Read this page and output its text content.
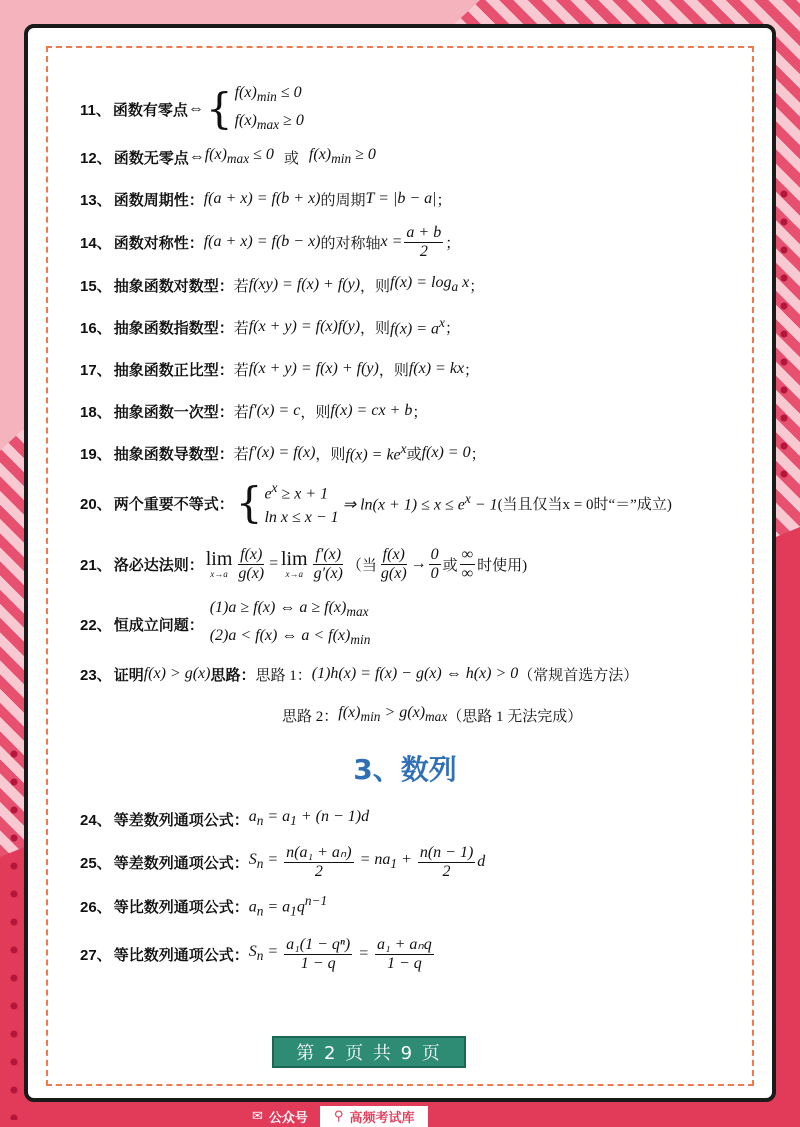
11、 函数有零点 ⇔ { $f(x)_{min} \le 0$
$f(x)_{max} \ge 0$
12、 函数无零点 ⇔ $f(x)_{max} \le 0$ 或 $f(x)_{min} \ge 0$
13、 函数周期性： f(a + x) = f(b + x) 的周期 T = |b − a| ；
14、 函数对称性： f(a + x) = f(b − x) 的对称轴 $x = \frac{a + b}{2}$ ；
15、 抽象函数对数型： 若 f(xy) = f(x) + f(y) ，则 $f(x) = \log_a x$ ；
16、 抽象函数指数型： 若 f(x + y) = f(x)f(y) ，则 $f(x) = a^x$ ；
17、 抽象函数正比型： 若 f(x + y) = f(x) + f(y) ，则 f(x) = kx ；
18、 抽象函数一次型： 若 f′(x) = c ，则 f(x) = cx + b ；
19、 抽象函数导数型： 若 f′(x) = f(x) ，则 $f(x) = ke^x$ 或 f(x) = 0 ；
20、 两个重要不等式： { $e^x \ge x + 1$
ln x ≤ x − 1
⇒ $\ln(x + 1) \le x \le e^x - 1$ (当且仅当x = 0时“＝”成立)
21、 洛必达法则： lim
$x\to a \frac{f(x)}{g(x)} = \lim$
$x\to a \frac{f'(x)}{g'(x)}$ （当 $\frac{f(x)}{g(x)} \to \frac{0}{0}$ 或 $\frac{\infty}{\infty}$ 时使用)
22、 恒成立问题：
(1)a ≥ f(x) ⇔ $a \ge f(x)_{max}$
(2)a < f(x) ⇔ $a < f(x)_{min}$
23、 证明 f(x) > g(x) 思路： 思路 1： (1)h(x) = f(x) − g(x) ⇔ h(x) > 0 （常规首选方法）
思路 2： $f(x)_{min} > g(x)_{max}$ （思路 1 无法完成）
3、数列
24、 等差数列通项公式： $a_n = a_1 + (n - 1)d$
25、 等差数列通项公式： $S_n = \frac{\text{n(a₁ + aₙ)}}{2} = na_1 + \frac{n(n - 1)}{2}$ d
26、 等比数列通项公式： $a_n = a_1q^{n-1}$
27、 等比数列通项公式： $S_n = \frac{\text{a₁(1 − qⁿ)}}{1 - q} = \frac{\text{a₁ + aₙq}}{1 - q}$
第 2 页 共 9 页
✉ 公众号 ⚲ 高频考试库
